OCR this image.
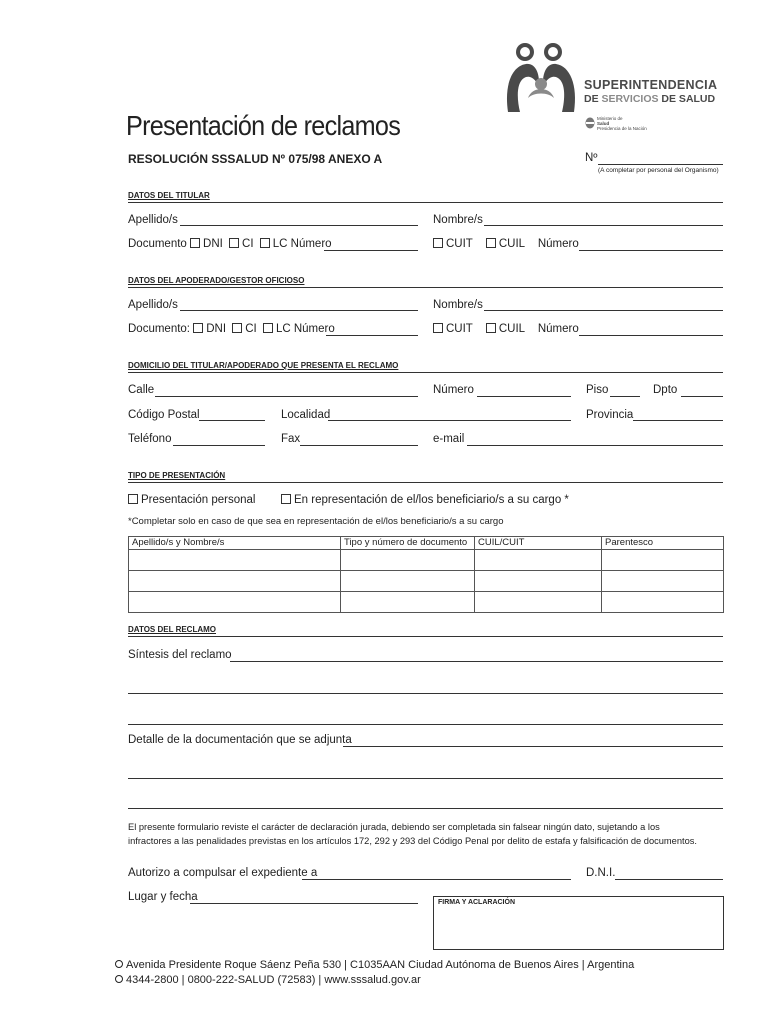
SUPERINTENDENCIA
DE SERVICIOS DE SALUD
Ministerio de
Salud
Presidencia de la Nación
Presentación de reclamos
RESOLUCIÓN SSSALUD Nº 075/98 ANEXO A	Nº
(A completar por personal del Organismo)
DATOS DEL TITULAR
Apellido/s	Nombre/s
Documento DNI CI LC Número	CUIT CUIL Número
DATOS DEL APODERADO/GESTOR OFICIOSO
Apellido/s	Nombre/s
Documento: DNI CI LC Número	CUIT CUIL Número
DOMICILIO DEL TITULAR/APODERADO QUE PRESENTA EL RECLAMO
Calle	Número	Piso	Dpto
Código Postal	Localidad	Provincia
Teléfono	Fax	e-mail
TIPO DE PRESENTACIÓN
Presentación personal	En representación de el/los beneficiario/s a su cargo *
*Completar solo en caso de que sea en representación de el/los beneficiario/s a su cargo
Apellido/s y Nombre/s	Tipo y número de documento	CUIL/CUIT	Parentesco

DATOS DEL RECLAMO
Síntesis del reclamo
Detalle de la documentación que se adjunta
El presente formulario reviste el carácter de declaración jurada, debiendo ser completada sin falsear ningún dato, sujetando a los
infractores a las penalidades previstas en los artículos 172, 292 y 293 del Código Penal por delito de estafa y falsificación de documentos.
Autorizo a compulsar el expediente a	D.N.I.
Lugar y fecha	FIRMA Y ACLARACIÓN
Avenida Presidente Roque Sáenz Peña 530 | C1035AAN Ciudad Autónoma de Buenos Aires | Argentina
4344-2800 | 0800-222-SALUD (72583) | www.sssalud.gov.ar
